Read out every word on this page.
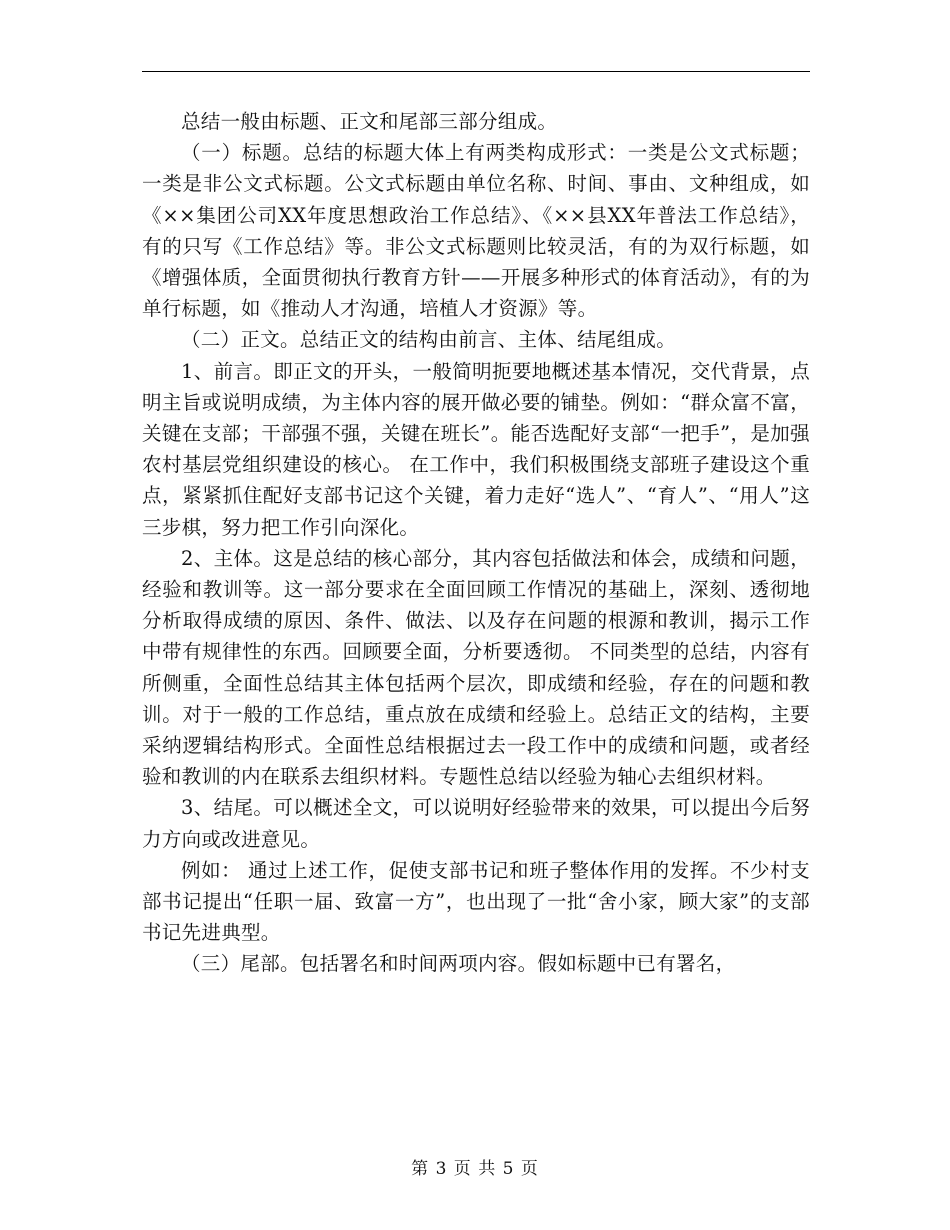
总结一般由标题、正文和尾部三部分组成。

（一）标题。总结的标题大体上有两类构成形式：一类是公文式标题；一类是非公文式标题。公文式标题由单位名称、时间、事由、文种组成，如《××集团公司XX年度思想政治工作总结》、《××县XX年普法工作总结》，有的只写《工作总结》等。非公文式标题则比较灵活，有的为双行标题，如《增强体质，全面贯彻执行教育方针——开展多种形式的体育活动》，有的为单行标题，如《推动人才沟通，培植人才资源》等。

（二）正文。总结正文的结构由前言、主体、结尾组成。

1、前言。即正文的开头，一般简明扼要地概述基本情况，交代背景，点明主旨或说明成绩，为主体内容的展开做必要的铺垫。例如：“群众富不富，关键在支部；干部强不强，关键在班长”。能否选配好支部“一把手”，是加强农村基层党组织建设的核心。 在工作中，我们积极围绕支部班子建设这个重点，紧紧抓住配好支部书记这个关键，着力走好“选人”、“育人”、“用人”这三步棋，努力把工作引向深化。

2、主体。这是总结的核心部分，其内容包括做法和体会，成绩和问题，经验和教训等。这一部分要求在全面回顾工作情况的基础上，深刻、透彻地分析取得成绩的原因、条件、做法、以及存在问题的根源和教训，揭示工作中带有规律性的东西。回顾要全面，分析要透彻。 不同类型的总结，内容有所侧重，全面性总结其主体包括两个层次，即成绩和经验，存在的问题和教训。对于一般的工作总结，重点放在成绩和经验上。总结正文的结构，主要采纳逻辑结构形式。全面性总结根据过去一段工作中的成绩和问题，或者经验和教训的内在联系去组织材料。专题性总结以经验为轴心去组织材料。

3、结尾。可以概述全文，可以说明好经验带来的效果，可以提出今后努力方向或改进意见。

例如： 通过上述工作，促使支部书记和班子整体作用的发挥。不少村支部书记提出“任职一届、致富一方”，也出现了一批“舍小家，顾大家”的支部书记先进典型。

（三）尾部。包括署名和时间两项内容。假如标题中已有署名，

第 3 页 共 5 页
